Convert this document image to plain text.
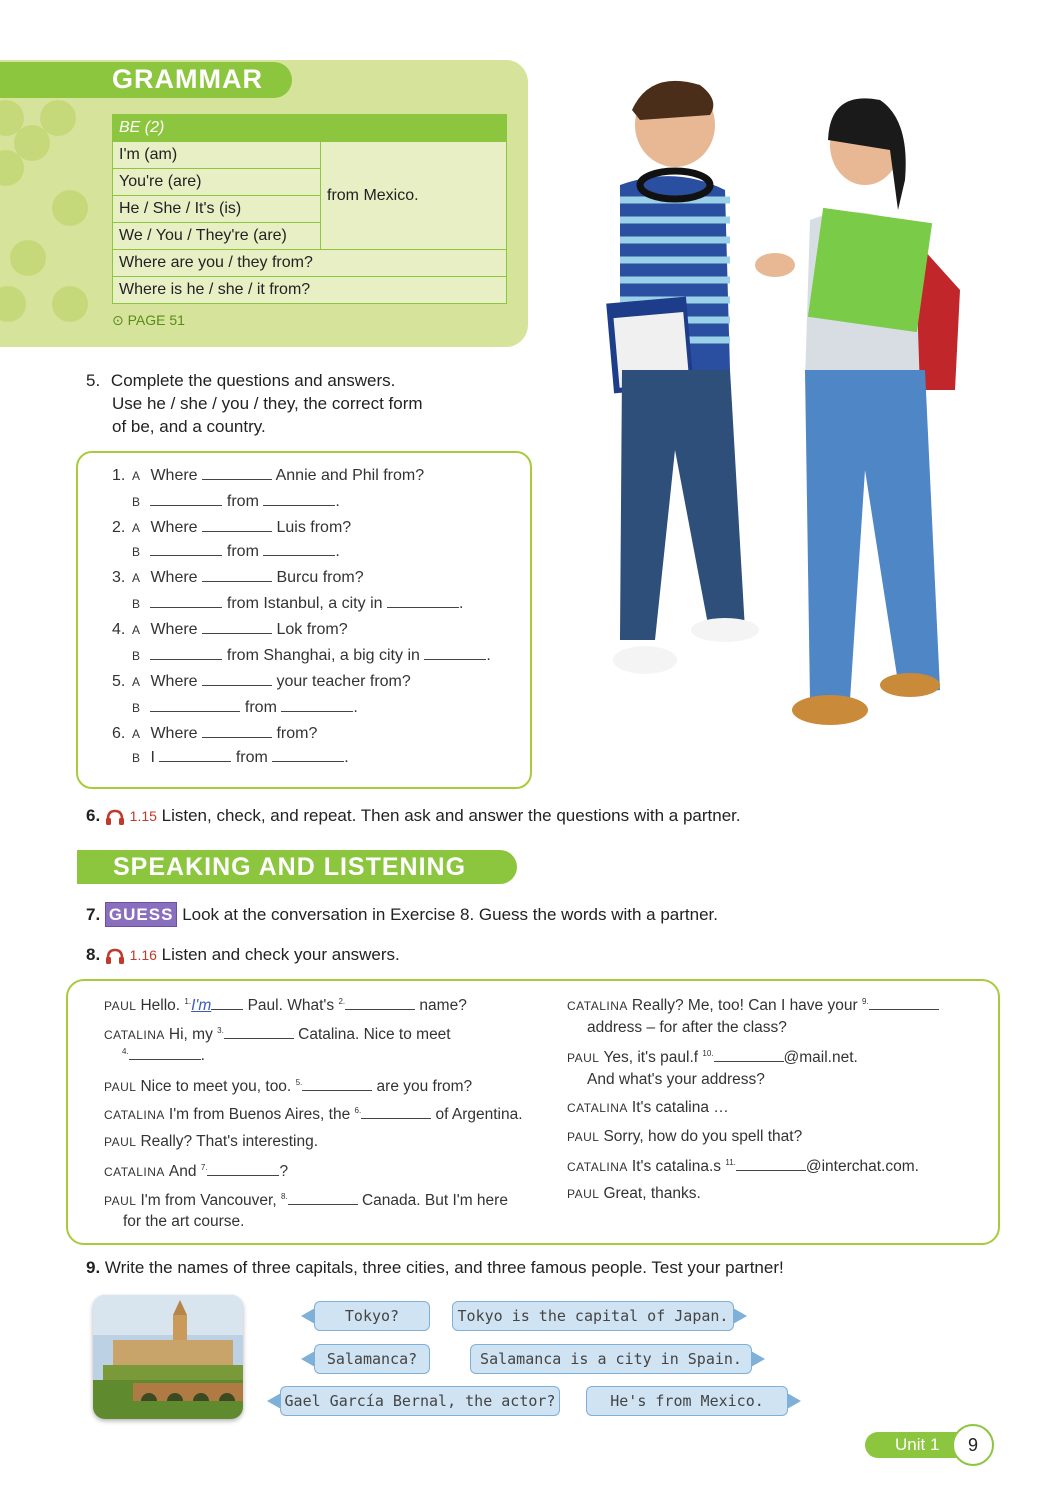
GRAMMAR
BE (2)
I'm (am)	from Mexico.
You're (are)
He / She / It's (is)
We / You / They're (are)
Where are you / they from?
Where is he / she / it from?
⊙ PAGE 51
5. Complete the questions and answers.
Use he / she / you / they, the correct form
of be, and a country.
1. A Where	Annie and Phil from?
B	from	.
2. A Where	Luis from?
B	from	.
3. A Where	Burcu from?
B	from Istanbul, a city in	.
4. A Where	Lok from?
B	from Shanghai, a big city in	.
5. A Where	your teacher from?
B	from	.
6. A Where	from?
B I	from	.
6. 1.15 Listen, check, and repeat. Then ask and answer the questions with a partner.
SPEAKING AND LISTENING
7. GUESS Look at the conversation in Exercise 8. Guess the words with a partner.
8. 1.16 Listen and check your answers.
PAUL Hello. $^{1.}$I'm Paul. What's $^{2.}$	name?
CATALINA Hi, my $^{3.}$	Catalina. Nice to meet
$^{4.}$	.
PAUL Nice to meet you, too. $^{5.}$	are you from?
CATALINA I'm from Buenos Aires, the $^{6.}$	of Argentina.
PAUL Really? That's interesting.
CATALINA And $^{7.}$	?
PAUL I'm from Vancouver, $^{8.}$	Canada. But I'm here
for the art course.
CATALINA Really? Me, too! Can I have your $^{9.}$
address – for after the class?
PAUL Yes, it's paul.f $^{10.}$	@mail.net.
And what's your address?
CATALINA It's catalina …
PAUL Sorry, how do you spell that?
CATALINA It's catalina.s $^{11.}$	@interchat.com.
PAUL Great, thanks.
9. Write the names of three capitals, three cities, and three famous people. Test your partner!
Tokyo?	Tokyo is the capital of Japan.
Salamanca?	Salamanca is a city in Spain.
Gael García Bernal, the actor?	He's from Mexico.
Unit 1	9
